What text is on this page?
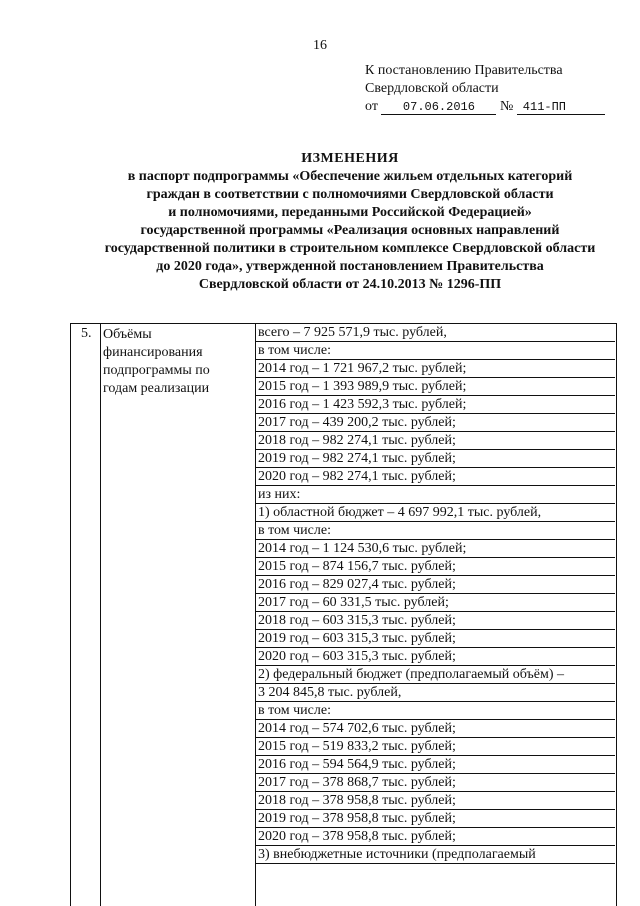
16
К постановлению Правительства
Свердловской области
от 07.06.2016 № 411-ПП
ИЗМЕНЕНИЯ
в паспорт подпрограммы «Обеспечение жильем отдельных категорий
граждан в соответствии с полномочиями Свердловской области
и полномочиями, переданными Российской Федерацией»
государственной программы «Реализация основных направлений
государственной политики в строительном комплексе Свердловской области
до 2020 года», утвержденной постановлением Правительства
Свердловской области от 24.10.2013 № 1296-ПП
5. Объёмы
финансирования
подпрограммы по
годам реализации
всего – 7 925 571,9 тыс. рублей,
в том числе:
2014 год – 1 721 967,2 тыс. рублей;
2015 год – 1 393 989,9 тыс. рублей;
2016 год – 1 423 592,3 тыс. рублей;
2017 год – 439 200,2 тыс. рублей;
2018 год – 982 274,1 тыс. рублей;
2019 год – 982 274,1 тыс. рублей;
2020 год – 982 274,1 тыс. рублей;
из них:
1) областной бюджет – 4 697 992,1 тыс. рублей,
в том числе:
2014 год – 1 124 530,6 тыс. рублей;
2015 год – 874 156,7 тыс. рублей;
2016 год – 829 027,4 тыс. рублей;
2017 год – 60 331,5 тыс. рублей;
2018 год – 603 315,3 тыс. рублей;
2019 год – 603 315,3 тыс. рублей;
2020 год – 603 315,3 тыс. рублей;
2) федеральный бюджет (предполагаемый объём) –
3 204 845,8 тыс. рублей,
в том числе:
2014 год – 574 702,6 тыс. рублей;
2015 год – 519 833,2 тыс. рублей;
2016 год – 594 564,9 тыс. рублей;
2017 год – 378 868,7 тыс. рублей;
2018 год – 378 958,8 тыс. рублей;
2019 год – 378 958,8 тыс. рублей;
2020 год – 378 958,8 тыс. рублей;
3) внебюджетные источники (предполагаемый
